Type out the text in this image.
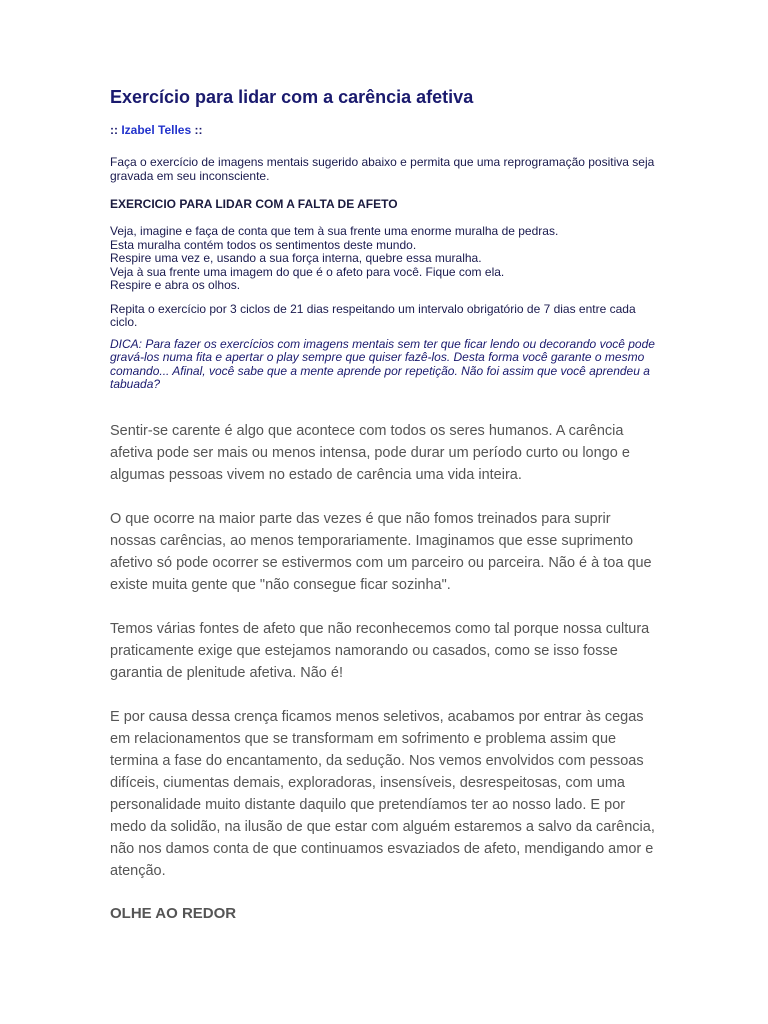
Exercício para lidar com a carência afetiva
:: Izabel Telles ::

Faça o exercício de imagens mentais sugerido abaixo e permita que uma reprogramação positiva seja gravada em seu inconsciente.

EXERCICIO PARA LIDAR COM A FALTA DE AFETO

Veja, imagine e faça de conta que tem à sua frente uma enorme muralha de pedras.
Esta muralha contém todos os sentimentos deste mundo.
Respire uma vez e, usando a sua força interna, quebre essa muralha.
Veja à sua frente uma imagem do que é o afeto para você. Fique com ela.
Respire e abra os olhos.

Repita o exercício por 3 ciclos de 21 dias respeitando um intervalo obrigatório de 7 dias entre cada ciclo.

DICA: Para fazer os exercícios com imagens mentais sem ter que ficar lendo ou decorando você pode gravá-los numa fita e apertar o play sempre que quiser fazê-los. Desta forma você garante o mesmo comando... Afinal, você sabe que a mente aprende por repetição. Não foi assim que você aprendeu a tabuada?

Sentir-se carente é algo que acontece com todos os seres humanos. A carência afetiva pode ser mais ou menos intensa, pode durar um período curto ou longo e algumas pessoas vivem no estado de carência uma vida inteira.

O que ocorre na maior parte das vezes é que não fomos treinados para suprir nossas carências, ao menos temporariamente. Imaginamos que esse suprimento afetivo só pode ocorrer se estivermos com um parceiro ou parceira. Não é à toa que existe muita gente que "não consegue ficar sozinha".

Temos várias fontes de afeto que não reconhecemos como tal porque nossa cultura praticamente exige que estejamos namorando ou casados, como se isso fosse garantia de plenitude afetiva. Não é!

E por causa dessa crença ficamos menos seletivos, acabamos por entrar às cegas em relacionamentos que se transformam em sofrimento e problema assim que termina a fase do encantamento, da sedução. Nos vemos envolvidos com pessoas difíceis, ciumentas demais, exploradoras, insensíveis, desrespeitosas, com uma personalidade muito distante daquilo que pretendíamos ter ao nosso lado. E por medo da solidão, na ilusão de que estar com alguém estaremos a salvo da carência, não nos damos conta de que continuamos esvaziados de afeto, mendigando amor e atenção.

OLHE AO REDOR
